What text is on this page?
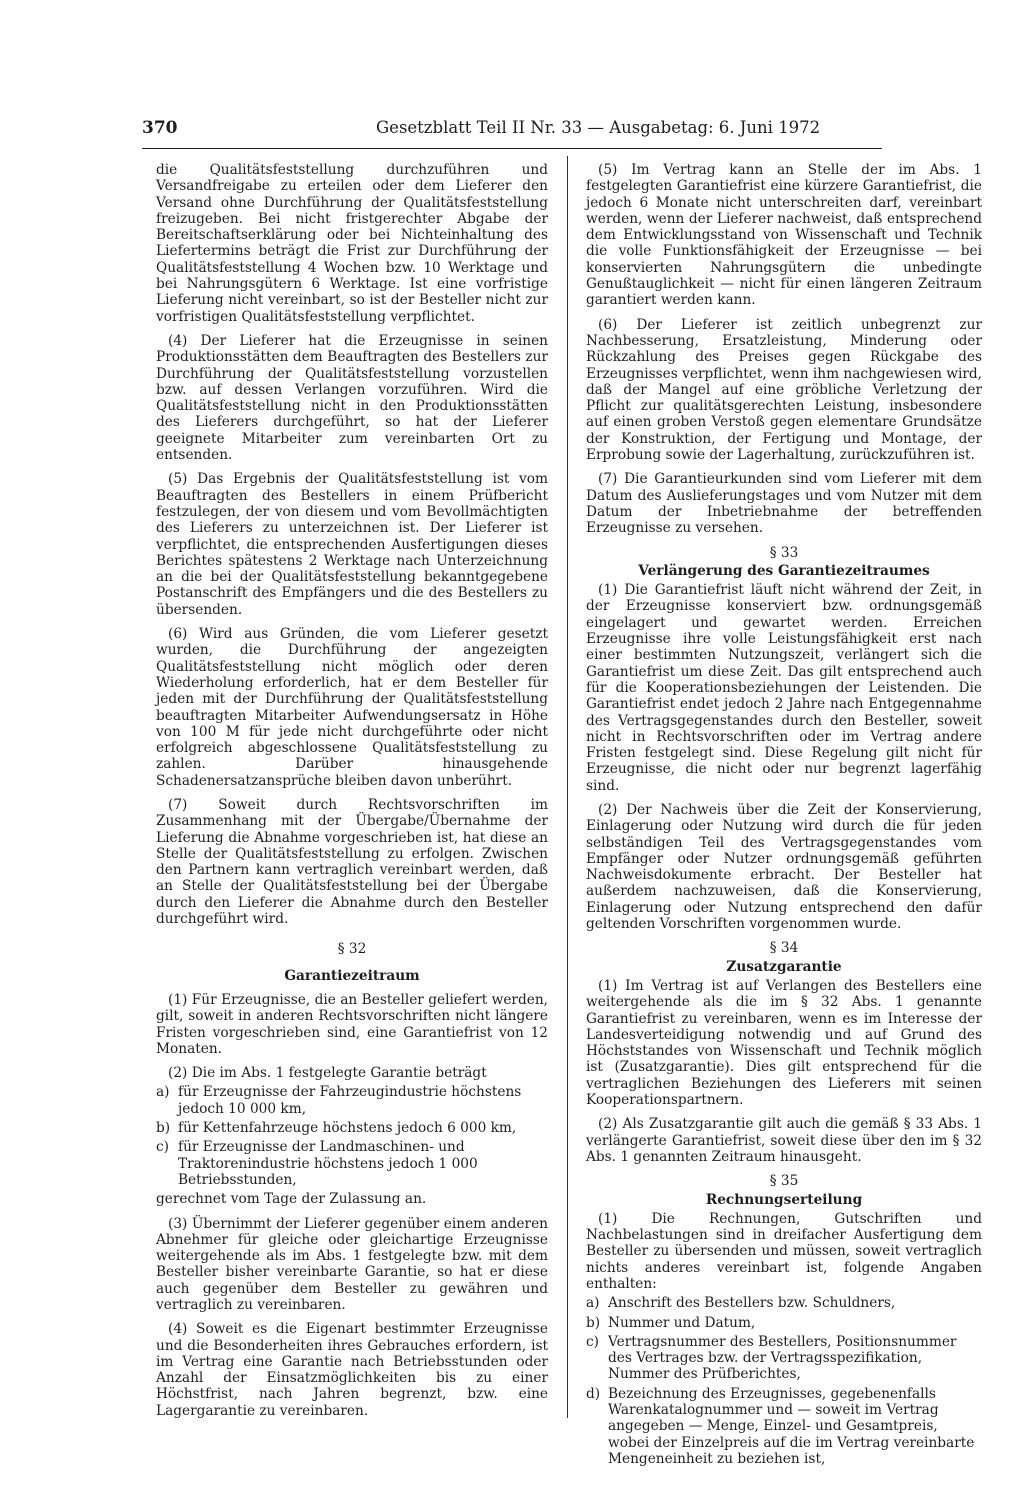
370	Gesetzblatt Teil II Nr. 33 — Ausgabetag: 6. Juni 1972

die Qualitätsfeststellung durchzuführen und Versandfreigabe zu erteilen oder dem Lieferer den Versand ohne Durchführung der Qualitätsfeststellung freizugeben. Bei nicht fristgerechter Abgabe der Bereitschaftserklärung oder bei Nichteinhaltung des Liefertermins beträgt die Frist zur Durchführung der Qualitätsfeststellung 4 Wochen bzw. 10 Werktage und bei Nahrungsgütern 6 Werktage. Ist eine vorfristige Lieferung nicht vereinbart, so ist der Besteller nicht zur vorfristigen Qualitätsfeststellung verpflichtet.

(4) Der Lieferer hat die Erzeugnisse in seinen Produktionsstätten dem Beauftragten des Bestellers zur Durchführung der Qualitätsfeststellung vorzustellen bzw. auf dessen Verlangen vorzuführen. Wird die Qualitätsfeststellung nicht in den Produktionsstätten des Lieferers durchgeführt, so hat der Lieferer geeignete Mitarbeiter zum vereinbarten Ort zu entsenden.

(5) Das Ergebnis der Qualitätsfeststellung ist vom Beauftragten des Bestellers in einem Prüfbericht festzulegen, der von diesem und vom Bevollmächtigten des Lieferers zu unterzeichnen ist. Der Lieferer ist verpflichtet, die entsprechenden Ausfertigungen dieses Berichtes spätestens 2 Werktage nach Unterzeichnung an die bei der Qualitätsfeststellung bekanntgegebene Postanschrift des Empfängers und die des Bestellers zu übersenden.

(6) Wird aus Gründen, die vom Lieferer gesetzt wurden, die Durchführung der angezeigten Qualitätsfeststellung nicht möglich oder deren Wiederholung erforderlich, hat er dem Besteller für jeden mit der Durchführung der Qualitätsfeststellung beauftragten Mitarbeiter Aufwendungsersatz in Höhe von 100 M für jede nicht durchgeführte oder nicht erfolgreich abgeschlossene Qualitätsfeststellung zu zahlen. Darüber hinausgehende Schadenersatzansprüche bleiben davon unberührt.

(7) Soweit durch Rechtsvorschriften im Zusammenhang mit der Übergabe/Übernahme der Lieferung die Abnahme vorgeschrieben ist, hat diese an Stelle der Qualitätsfeststellung zu erfolgen. Zwischen den Partnern kann vertraglich vereinbart werden, daß an Stelle der Qualitätsfeststellung bei der Übergabe durch den Lieferer die Abnahme durch den Besteller durchgeführt wird.

§ 32
Garantiezeitraum

(1) Für Erzeugnisse, die an Besteller geliefert werden, gilt, soweit in anderen Rechtsvorschriften nicht längere Fristen vorgeschrieben sind, eine Garantiefrist von 12 Monaten.

(2) Die im Abs. 1 festgelegte Garantie beträgt

a) für Erzeugnisse der Fahrzeugindustrie höchstens jedoch 10 000 km,
b) für Kettenfahrzeuge höchstens jedoch 6 000 km,
c) für Erzeugnisse der Landmaschinen- und Traktorenindustrie höchstens jedoch 1 000 Betriebsstunden,
gerechnet vom Tage der Zulassung an.

(3) Übernimmt der Lieferer gegenüber einem anderen Abnehmer für gleiche oder gleichartige Erzeugnisse weitergehende als im Abs. 1 festgelegte bzw. mit dem Besteller bisher vereinbarte Garantie, so hat er diese auch gegenüber dem Besteller zu gewähren und vertraglich zu vereinbaren.

(4) Soweit es die Eigenart bestimmter Erzeugnisse und die Besonderheiten ihres Gebrauches erfordern, ist im Vertrag eine Garantie nach Betriebsstunden oder Anzahl der Einsatzmöglichkeiten bis zu einer Höchstfrist, nach Jahren begrenzt, bzw. eine Lagergarantie zu vereinbaren.

(5) Im Vertrag kann an Stelle der im Abs. 1 festgelegten Garantiefrist eine kürzere Garantiefrist, die jedoch 6 Monate nicht unterschreiten darf, vereinbart werden, wenn der Lieferer nachweist, daß entsprechend dem Entwicklungsstand von Wissenschaft und Technik die volle Funktionsfähigkeit der Erzeugnisse — bei konservierten Nahrungsgütern die unbedingte Genußtauglichkeit — nicht für einen längeren Zeitraum garantiert werden kann.

(6) Der Lieferer ist zeitlich unbegrenzt zur Nachbesserung, Ersatzleistung, Minderung oder Rückzahlung des Preises gegen Rückgabe des Erzeugnisses verpflichtet, wenn ihm nachgewiesen wird, daß der Mangel auf eine gröbliche Verletzung der Pflicht zur qualitätsgerechten Leistung, insbesondere auf einen groben Verstoß gegen elementare Grundsätze der Konstruktion, der Fertigung und Montage, der Erprobung sowie der Lagerhaltung, zurückzuführen ist.

(7) Die Garantieurkunden sind vom Lieferer mit dem Datum des Auslieferungstages und vom Nutzer mit dem Datum der Inbetriebnahme der betreffenden Erzeugnisse zu versehen.

§ 33
Verlängerung des Garantiezeitraumes

(1) Die Garantiefrist läuft nicht während der Zeit, in der Erzeugnisse konserviert bzw. ordnungsgemäß eingelagert und gewartet werden. Erreichen Erzeugnisse ihre volle Leistungsfähigkeit erst nach einer bestimmten Nutzungszeit, verlängert sich die Garantiefrist um diese Zeit. Das gilt entsprechend auch für die Kooperationsbeziehungen der Leistenden. Die Garantiefrist endet jedoch 2 Jahre nach Entgegennahme des Vertragsgegenstandes durch den Besteller, soweit nicht in Rechtsvorschriften oder im Vertrag andere Fristen festgelegt sind. Diese Regelung gilt nicht für Erzeugnisse, die nicht oder nur begrenzt lagerfähig sind.

(2) Der Nachweis über die Zeit der Konservierung, Einlagerung oder Nutzung wird durch die für jeden selbständigen Teil des Vertragsgegenstandes vom Empfänger oder Nutzer ordnungsgemäß geführten Nachweisdokumente erbracht. Der Besteller hat außerdem nachzuweisen, daß die Konservierung, Einlagerung oder Nutzung entsprechend den dafür geltenden Vorschriften vorgenommen wurde.

§ 34
Zusatzgarantie

(1) Im Vertrag ist auf Verlangen des Bestellers eine weitergehende als die im § 32 Abs. 1 genannte Garantiefrist zu vereinbaren, wenn es im Interesse der Landesverteidigung notwendig und auf Grund des Höchststandes von Wissenschaft und Technik möglich ist (Zusatzgarantie). Dies gilt entsprechend für die vertraglichen Beziehungen des Lieferers mit seinen Kooperationspartnern.

(2) Als Zusatzgarantie gilt auch die gemäß § 33 Abs. 1 verlängerte Garantiefrist, soweit diese über den im § 32 Abs. 1 genannten Zeitraum hinausgeht.

§ 35
Rechnungserteilung

(1) Die Rechnungen, Gutschriften und Nachbelastungen sind in dreifacher Ausfertigung dem Besteller zu übersenden und müssen, soweit vertraglich nichts anderes vereinbart ist, folgende Angaben enthalten:

a) Anschrift des Bestellers bzw. Schuldners,
b) Nummer und Datum,
c) Vertragsnummer des Bestellers, Positionsnummer des Vertrages bzw. der Vertragsspezifikation, Nummer des Prüfberichtes,
d) Bezeichnung des Erzeugnisses, gegebenenfalls Warenkatalognummer und — soweit im Vertrag angegeben — Menge, Einzel- und Gesamtpreis, wobei der Einzelpreis auf die im Vertrag vereinbarte Mengeneinheit zu beziehen ist,
